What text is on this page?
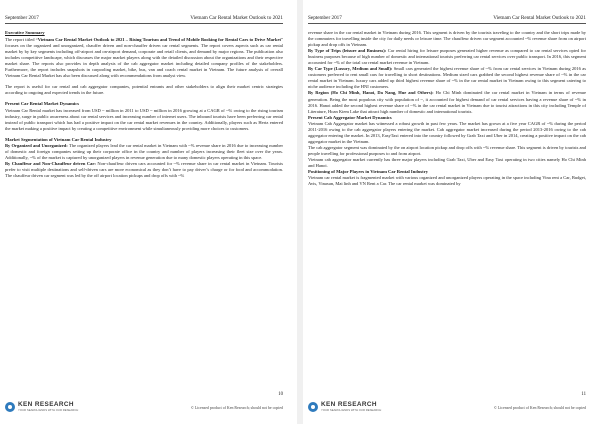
September 2017	Vietnam Car Rental Market Outlook to 2021
Executive Summary

The report titled “Vietnam Car Rental Market Outlook to 2021 – Rising Tourism and Trend of Mobile Booking for Rental Cars to Drive Market” focuses on the organized and unorganized, chauffer driven and non-chauffer driven car rental segments. The report covers aspects such as car rental market by by key segments including off-airport and on-airport demand, corporate and retail clients, and demand by major regions. The publication also includes competitive landscape, which discusses the major market players along with the detailed discussion about the organizations and their respective market share. The reports also provides in depth analysis of the cab aggregator market including detailed company profiles of the stakeholders. Furthermore, the report includes snapshots in carpooling market, bike, bus, van and coach rental market in Vietnam. The future analysis of overall Vietnam Car Rental Market has also been discussed along with recommendations from analyst view.

The report is useful for car rental and cab aggregator companies, potential entrants and other stakeholders to align their market centric strategies according to ongoing and expected trends in the future.

Present Car Rental Market Dynamics

Vietnam Car Rental market has increased from USD ~ million in 2011 to USD ~ million in 2016 growing at a CAGR of ~% owing to the rising tourism industry, surge in public awareness about car rental services and increasing number of internet users. The inbound tourists have been preferring car rental instead of public transport which has had a positive impact on the car rental market revenues in the country. Additionally, players such as Hertz entered the market making a positive impact by creating a competitive environment while simultaneously providing more choices to customers.

Market Segmentation of Vietnam Car Rental Industry

By Organized and Unorganized: The organized players lead the car rental market in Vietnam with ~% revenue share in 2016 due to increasing number of domestic and foreign companies setting up their corporate office in the country and number of players increasing their fleet size over the years. Additionally, ~% of the market is captured by unorganized players in revenue generation due to many domestic players operating in this space.

By Chauffeur and Non-Chauffeur driven Car: Non-chauffeur driven cars accounted for ~% revenue share in car rental market in Vietnam. Tourists prefer to visit multiple destinations and self-driven cars are more economical as they don’t have to pay driver’s charge or for food and accommodation. The chauffeur driven car segment was led by the off airport location pickups and drop offs with ~%

10
KEN RESEARCH
YOUR SEARCH ENDS WITH OUR RESEARCH	© Licensed product of Ken Research; should not be copied
September 2017	Vietnam Car Rental Market Outlook to 2021

revenue share in the car rental market in Vietnam during 2016. This segment is driven by the tourists traveling to the country and the short trips made by the commuters for travelling inside the city for daily needs or leisure time. The chauffeur driven car segment accounted ~% revenue share from on airport pickup and drop offs in Vietnam.

By Type of Trips (leisure and Business): Car rental hiring for leisure purposes generated higher revenue as compared to car rental services opted for business purposes because of high number of domestic and international tourists preferring car rental services over public transport. In 2016, this segment accounted for ~% of the total car rental market revenue in Vietnam.

By Car Type (Luxury, Medium and Small): Small cars generated the highest revenue share of ~% from car rental services in Vietnam during 2016 as customers preferred to rent small cars for travelling to short destinations. Medium sized cars grabbed the second highest revenue share of ~% in the car rental market in Vietnam. luxury cars added up third highest revenue share of ~% in the car rental market in Vietnam owing to this segment catering to niche audience including the HNI customers.

By Region (Ho Chi Minh, Hanoi, Da Nang, Hue and Others): Ho Chi Minh dominated the car rental market in Vietnam in terms of revenue generation. Being the most populous city with population of ~, it accounted for highest demand of car rental services having a revenue share of ~% in 2016. Hanoi added the second highest revenue share of ~% in the car rental market in Vietnam due to tourist attractions in this city including Temple of Literature, Hoan Kiem Lake that attract high number of domestic and international tourists.

Present Cab Aggregator Market Dynamics

Vietnam Cab Aggregator market has witnessed a robust growth in past few years. The market has grown at a five year CAGR of ~% during the period 2011-2016 owing to the cab aggregator players entering the market. Cab aggregator market increased during the period 2013-2016 owing to the cab aggregator entering the market. In 2013, EasyTaxi entered into the country followed by Grab Taxi and Uber in 2014, creating a positive impact on the cab aggregator market in the Vietnam.

The cab aggregator segment was dominated by the on airport location pickup and drop offs with ~% revenue share. This segment is driven by tourists and people travelling for professional purposes to and from airport.

Vietnam cab aggregator market currently has three major players including Grab Taxi, Uber and Easy Taxi operating in two cities namely Ho Chi Minh and Hanoi.

Positioning of Major Players in Vietnam Car Rental Industry

Vietnam car rental market is fragmented market with various organized and unorganized players operating in the space including Vina rent a Car, Budget, Avis, Vinasun, Mai linh and VN Rent a Car. The car rental market was dominated by

11
KEN RESEARCH
YOUR SEARCH ENDS WITH OUR RESEARCH	© Licensed product of Ken Research; should not be copied
